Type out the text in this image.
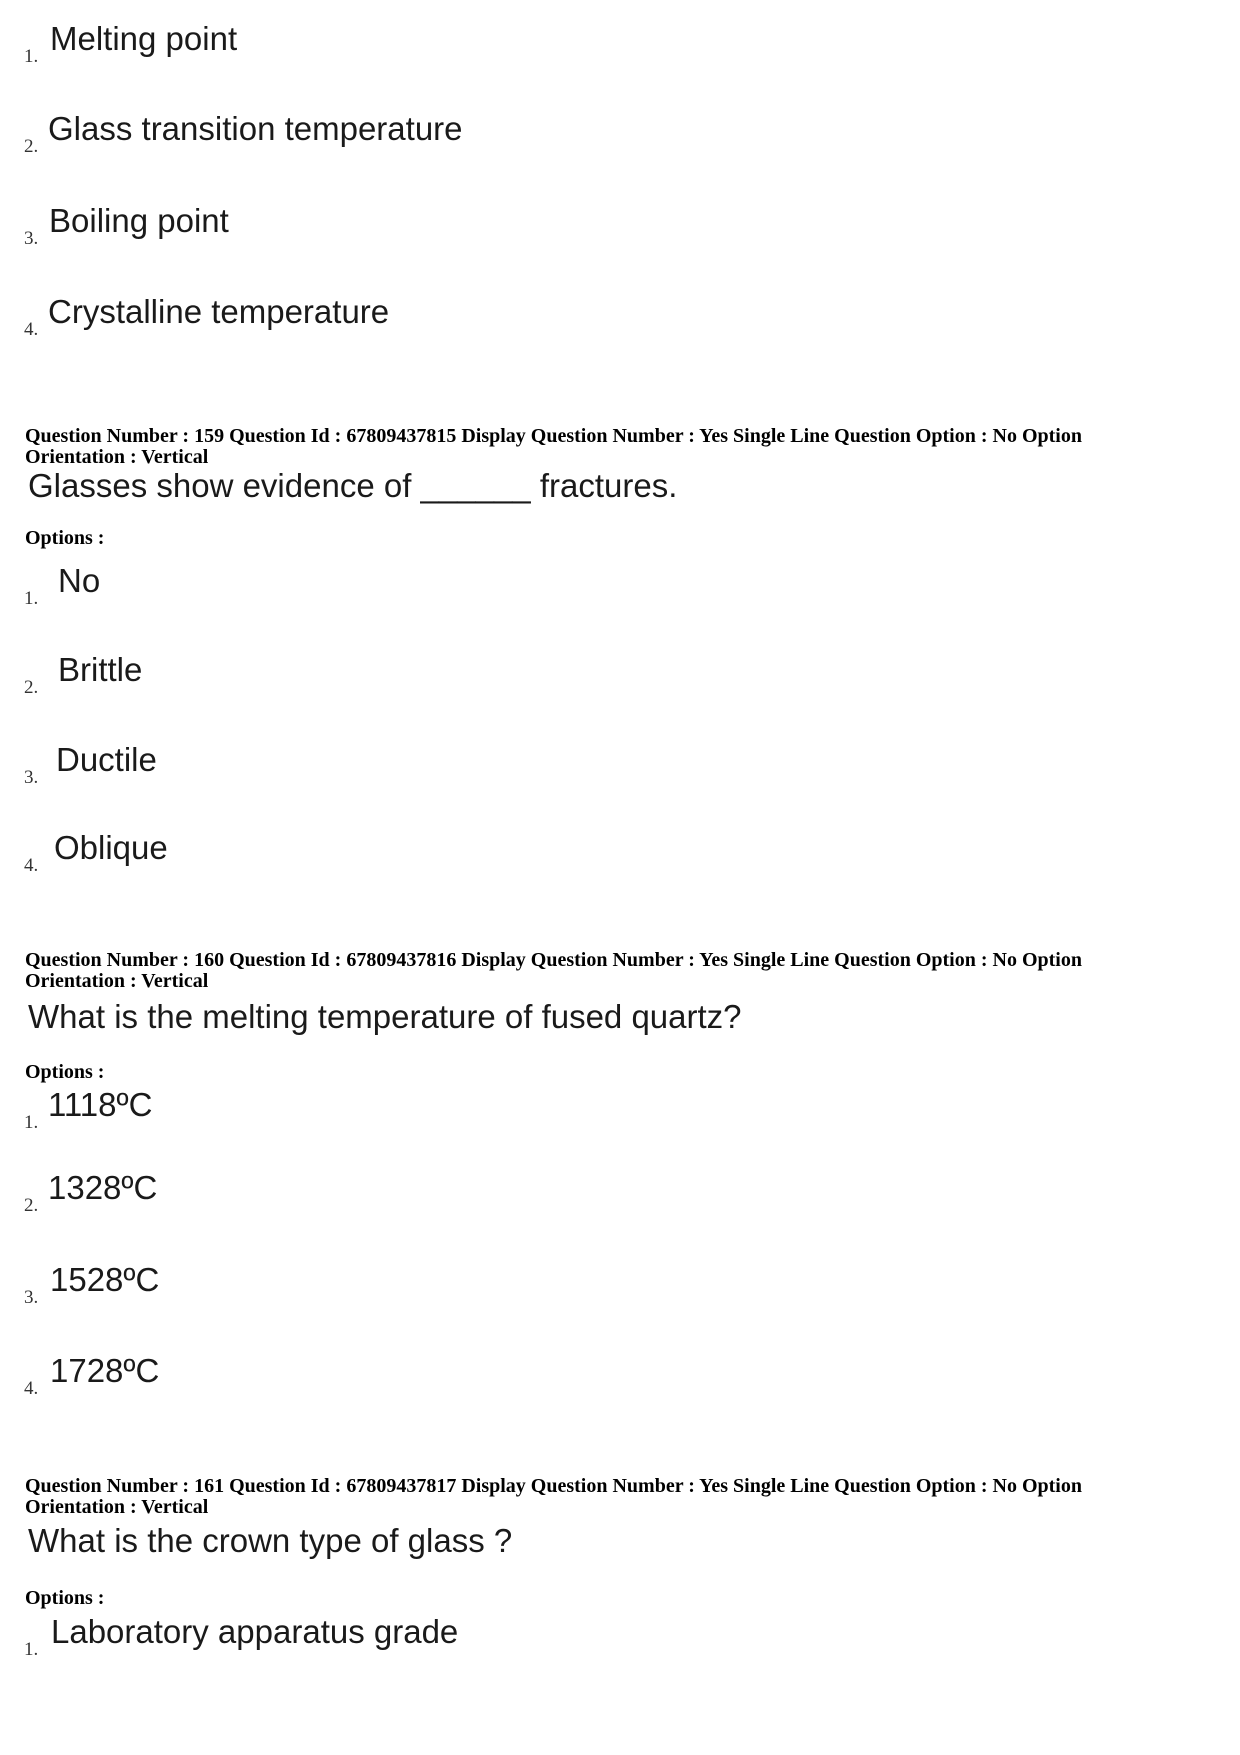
1. Melting point
2. Glass transition temperature
3. Boiling point
4. Crystalline temperature
Question Number : 159 Question Id : 67809437815 Display Question Number : Yes Single Line Question Option : No Option
Orientation : Vertical
Glasses show evidence of ______ fractures.
Options :
1. No
2. Brittle
3. Ductile
4. Oblique
Question Number : 160 Question Id : 67809437816 Display Question Number : Yes Single Line Question Option : No Option
Orientation : Vertical
What is the melting temperature of fused quartz?
Options :
1. 1118ºC
2. 1328ºC
3. 1528ºC
4. 1728ºC
Question Number : 161 Question Id : 67809437817 Display Question Number : Yes Single Line Question Option : No Option
Orientation : Vertical
What is the crown type of glass ?
Options :
1. Laboratory apparatus grade
